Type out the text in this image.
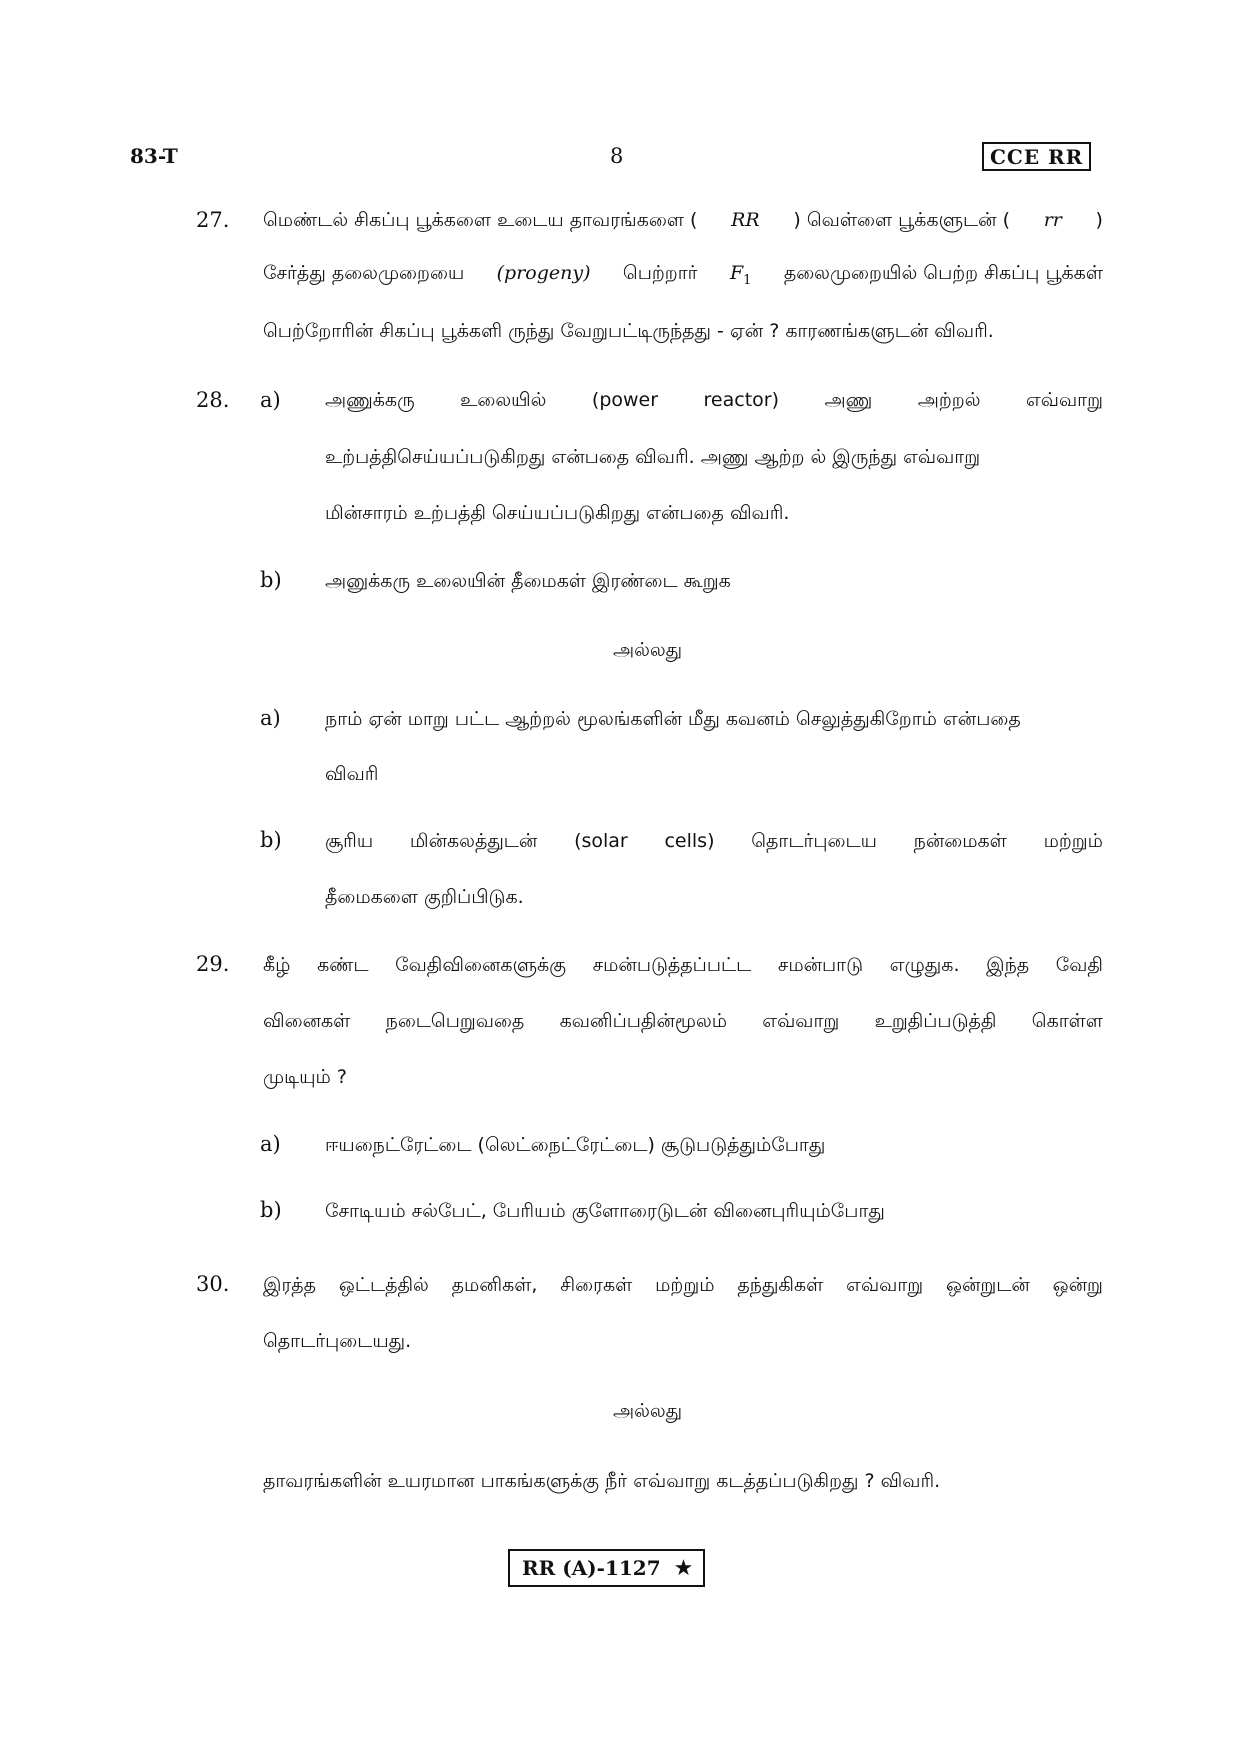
83-T	8	CCE RR
27. மெண்டல் சிகப்பு பூக்களை உடைய தாவரங்களை ( RR ) வெள்ளை பூக்களுடன் ( rr )
சேர்த்து தலைமுறையை (progeny) பெற்றார் $F_1$ தலைமுறையில் பெற்ற சிகப்பு பூக்கள்
பெற்றோரின் சிகப்பு பூக்களி ருந்து வேறுபட்டிருந்தது - ஏன் ? காரணங்களுடன் விவரி.
28. a) அணுக்கரு உலையில் (power reactor) அணு அற்றல் எவ்வாறு
உற்பத்திசெய்யப்படுகிறது என்பதை விவரி. அணு ஆற்ற ல் இருந்து எவ்வாறு
மின்சாரம் உற்பத்தி செய்யப்படுகிறது என்பதை விவரி.
b) அனுக்கரு உலையின் தீமைகள் இரண்டை கூறுக
அல்லது
a) நாம் ஏன் மாறு பட்ட ஆற்றல் மூலங்களின் மீது கவனம் செலுத்துகிறோம் என்பதை
விவரி
b) சூரிய மின்கலத்துடன் (solar cells) தொடர்புடைய நன்மைகள் மற்றும்
தீமைகளை குறிப்பிடுக.
29. கீழ் கண்ட வேதிவினைகளுக்கு சமன்படுத்தப்பட்ட சமன்பாடு எழுதுக. இந்த வேதி
வினைகள் நடைபெறுவதை கவனிப்பதின்மூலம் எவ்வாறு உறுதிப்படுத்தி கொள்ள
முடியும் ?
a) ஈயநைட்ரேட்டை (லெட்நைட்ரேட்டை) சூடுபடுத்தும்போது
b) சோடியம் சல்பேட், பேரியம் குளோரைடுடன் வினைபுரியும்போது
30. இரத்த ஒட்டத்தில் தமனிகள், சிரைகள் மற்றும் தந்துகிகள் எவ்வாறு ஒன்றுடன் ஒன்று
தொடர்புடையது.
அல்லது
தாவரங்களின் உயரமான பாகங்களுக்கு நீர் எவ்வாறு கடத்தப்படுகிறது ? விவரி.
RR (A)-1127 ★
